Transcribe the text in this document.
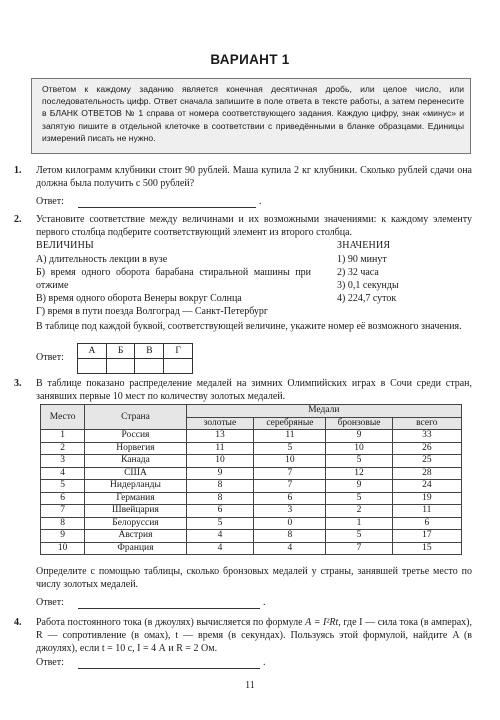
ВАРИАНТ 1
Ответом к каждому заданию является конечная десятичная дробь, или целое число, или последовательность цифр. Ответ сначала запишите в поле ответа в тексте работы, а затем перенесите в БЛАНК ОТВЕТОВ № 1 справа от номера соответствующего задания. Каждую цифру, знак «минус» и запятую пишите в отдельной клеточке в соответствии с приведёнными в бланке образцами. Единицы измерений писать не нужно.
1. Летом килограмм клубники стоит 90 рублей. Маша купила 2 кг клубники. Сколько рублей сдачи она должна была получить с 500 рублей?
Ответ:	.
2. Установите соответствие между величинами и их возможными значениями: к каждому элементу первого столбца подберите соответствующий элемент из второго столбца.
ВЕЛИЧИНЫ	ЗНАЧЕНИЯ
А) длительность лекции в вузе
Б) время одного оборота барабана стиральной машины при отжиме
В) время одного оборота Венеры вокруг Солнца
Г) время в пути поезда Волгоград — Санкт-Петербург
1) 90 минут
2) 32 часа
3) 0,1 секунды
4) 224,7 суток
В таблице под каждой буквой, соответствующей величине, укажите номер её возможного значения.
Ответ:
А	Б	В	Г

3. В таблице показано распределение медалей на зимних Олимпийских играх в Сочи среди стран, занявших первые 10 мест по количеству золотых медалей.
Место	Страна	Медали			
		золотые	серебряные	бронзовые	всего
1	Россия	13	11	9	33
2	Норвегия	11	5	10	26
3	Канада	10	10	5	25
4	США	9	7	12	28
5	Нидерланды	8	7	9	24
6	Германия	8	6	5	19
7	Швейцария	6	3	2	11
8	Белоруссия	5	0	1	6
9	Австрия	4	8	5	17
10	Франция	4	4	7	15
Определите с помощью таблицы, сколько бронзовых медалей у страны, занявшей третье место по числу золотых медалей.
Ответ:	.
4. Работа постоянного тока (в джоулях) вычисляется по формуле A = I²Rt, где I — сила тока (в амперах), R — сопротивление (в омах), t — время (в секундах). Пользуясь этой формулой, найдите A (в джоулях), если t = 10 с, I = 4 А и R = 2 Ом.
Ответ:	.
11
